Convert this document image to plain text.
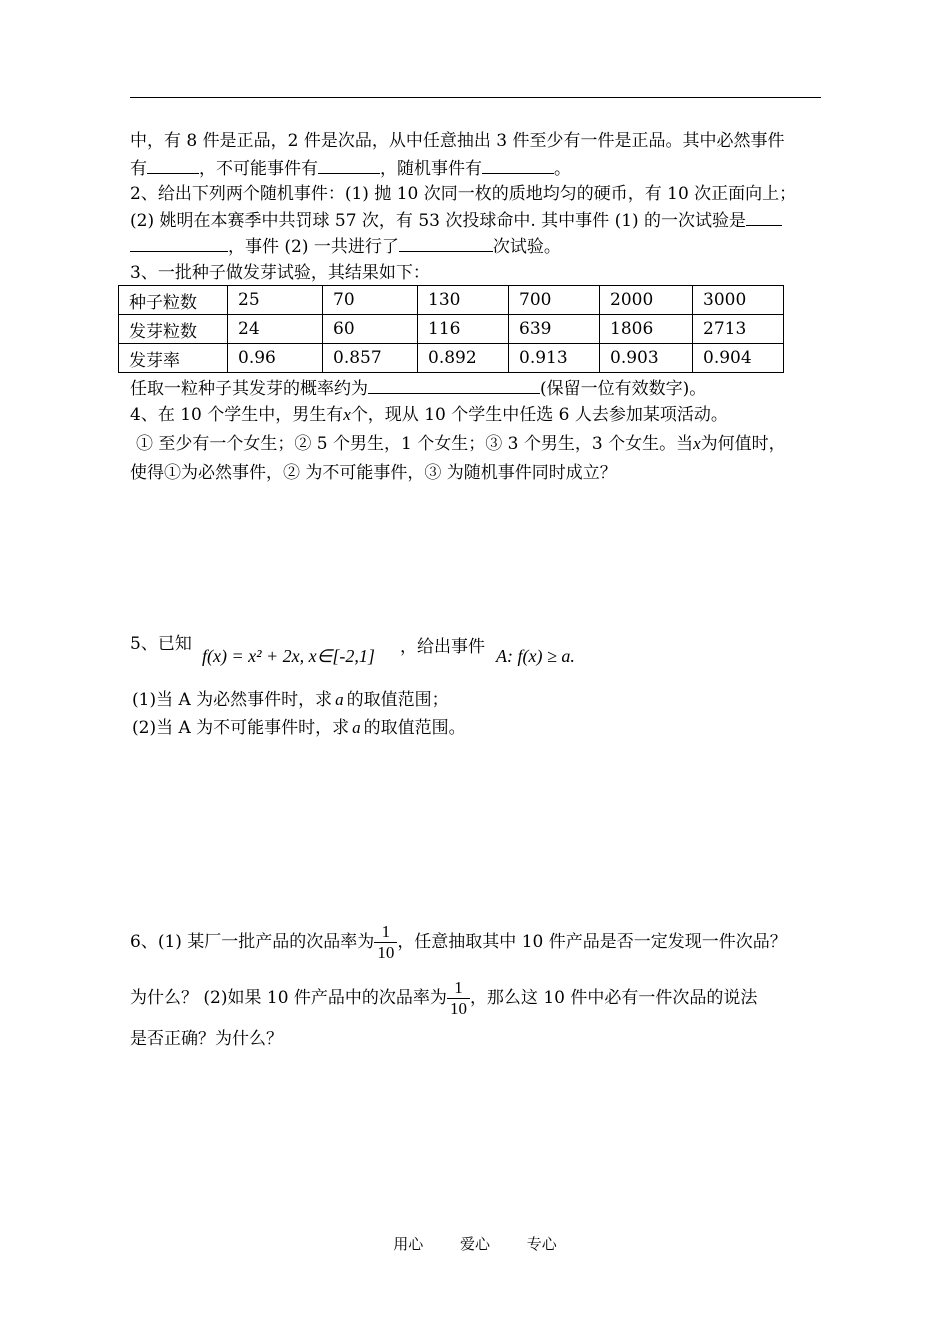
中，有 8 件是正品，2 件是次品，从中任意抽出 3 件至少有一件是正品。其中必然事件
有	，不可能事件有	，随机事件有	。
2、给出下列两个随机事件：(1) 抛 10 次同一枚的质地均匀的硬币，有 10 次正面向上；
(2) 姚明在本赛季中共罚球 57 次，有 53 次投球命中. 其中事件 (1) 的一次试验是
，事件 (2) 一共进行了	次试验。
3、一批种子做发芽试验，其结果如下：
种子粒数	25	70	130	700	2000	3000
发芽粒数	24	60	116	639	1806	2713
发芽率	0.96	0.857	0.892	0.913	0.903	0.904
任取一粒种子其发芽的概率约为	(保留一位有效数字)。
4、在 10 个学生中，男生有x个，现从 10 个学生中任选 6 人去参加某项活动。
① 至少有一个女生；② 5 个男生，1 个女生；③ 3 个男生，3 个女生。当x为何值时，
使得①为必然事件，② 为不可能事件，③ 为随机事件同时成立？
5、已知
f(x) = x² + 2x, x∈[-2,1] ，给出事件 A: f(x) ≥ a.
(1)当 A 为必然事件时，求 a 的取值范围；
(2)当 A 为不可能事件时，求 a 的取值范围。
6、(1) 某厂一批产品的次品率为 $\frac{1}{10}$ ，任意抽取其中 10 件产品是否一定发现一件次品？
为什么？ (2)如果 10 件产品中的次品率为 $\frac{1}{10}$ ，那么这 10 件中必有一件次品的说法
是否正确？为什么？
用心 爱心 专心
